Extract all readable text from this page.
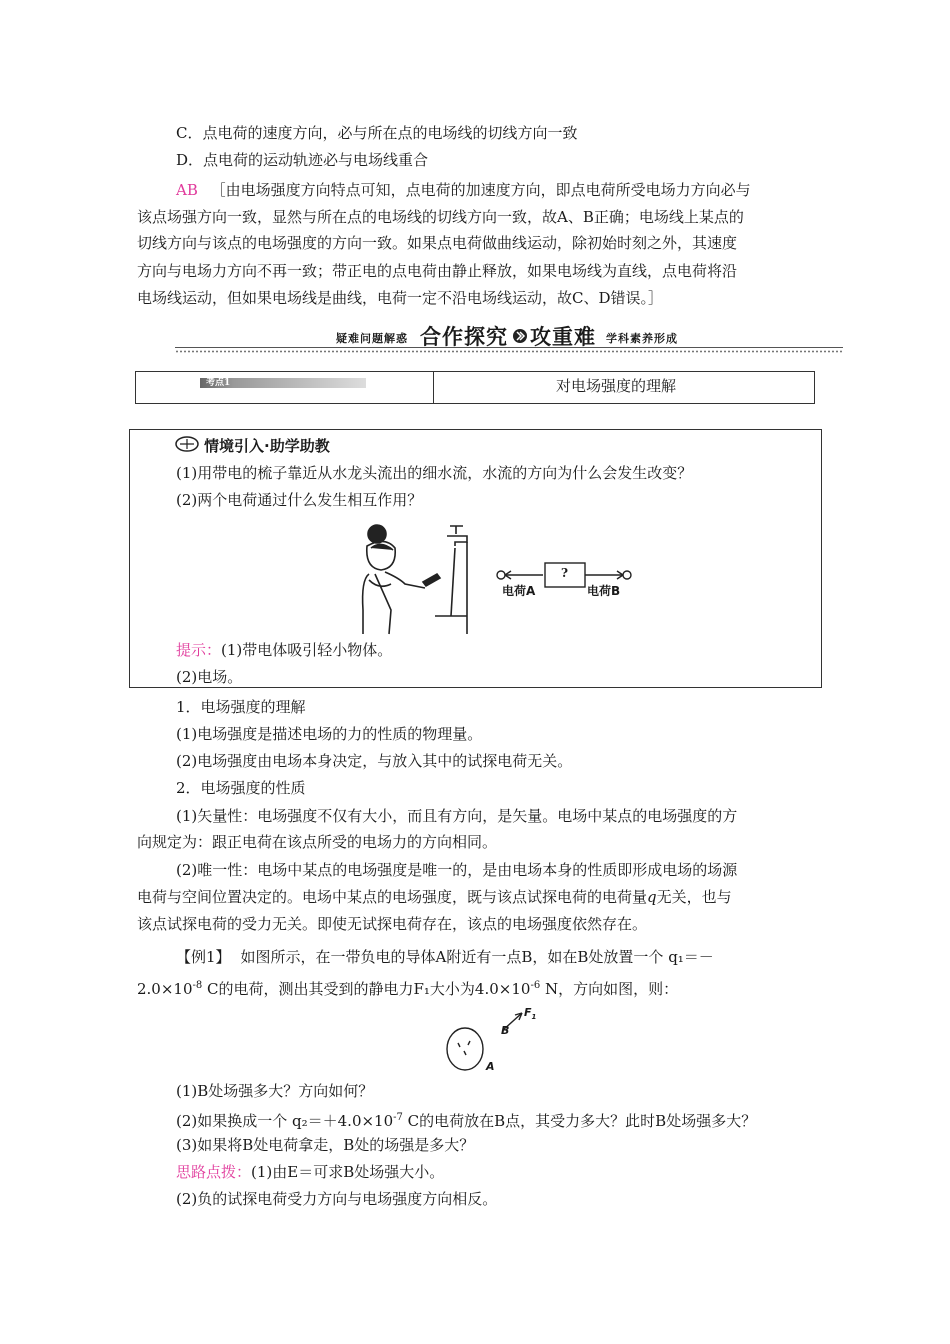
C．点电荷的速度方向，必与所在点的电场线的切线方向一致
D．点电荷的运动轨迹必与电场线重合
AB ［由电场强度方向特点可知，点电荷的加速度方向，即点电荷所受电场力方向必与
该点场强方向一致，显然与所在点的电场线的切线方向一致，故A、B正确；电场线上某点的
切线方向与该点的电场强度的方向一致。如果点电荷做曲线运动，除初始时刻之外，其速度
方向与电场力方向不再一致；带正电的点电荷由静止释放，如果电场线为直线，点电荷将沿
电场线运动，但如果电场线是曲线，电荷一定不沿电场线运动，故C、D错误。］
疑难问题解惑 合作探究 攻重难 学科素养形成
考点1	对电场强度的理解
情境引入·助学助教
(1)用带电的梳子靠近从水龙头流出的细水流，水流的方向为什么会发生改变？
(2)两个电荷通过什么发生相互作用？
?
电荷A	电荷B
提示：(1)带电体吸引轻小物体。
(2)电场。
1．电场强度的理解
(1)电场强度是描述电场的力的性质的物理量。
(2)电场强度由电场本身决定，与放入其中的试探电荷无关。
2．电场强度的性质
(1)矢量性：电场强度不仅有大小，而且有方向，是矢量。电场中某点的电场强度的方
向规定为：跟正电荷在该点所受的电场力的方向相同。
(2)唯一性：电场中某点的电场强度是唯一的，是由电场本身的性质即形成电场的场源
电荷与空间位置决定的。电场中某点的电场强度，既与该点试探电荷的电荷量q无关，也与
该点试探电荷的受力无关。即使无试探电荷存在，该点的电场强度依然存在。
【例1】 如图所示，在一带负电的导体A附近有一点B，如在B处放置一个 q₁＝－
$2.0\times 10^{-8}$ C的电荷，测出其受到的静电力F₁大小为$4.0\times 10^{-6}$ N，方向如图，则：
$F_1$
B
A
(1)B处场强多大？方向如何？
(2)如果换成一个 $q_2=+4.0\times 10^{-7}$ C的电荷放在B点，其受力多大？此时B处场强多大？
(3)如果将B处电荷拿走，B处的场强是多大？
思路点拨：(1)由E＝可求B处场强大小。
(2)负的试探电荷受力方向与电场强度方向相反。
